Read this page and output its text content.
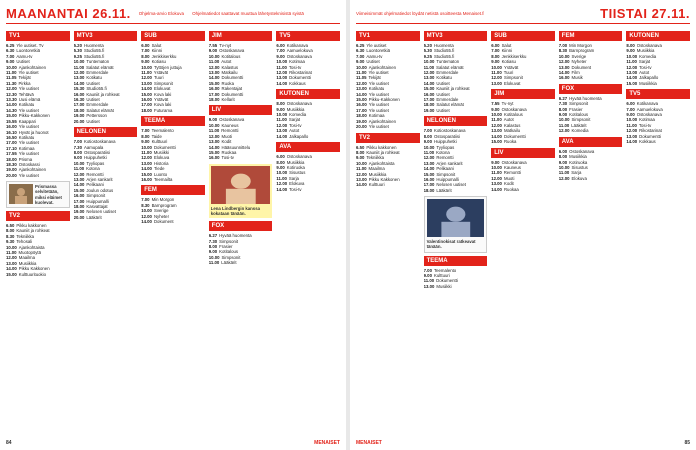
MAANANTAI 26.11. Ohjelma-arvio Elokuva Ohjelmatiedot saattavat muuttua lähetysteknisistä syistä
TV1
6.25 Yle uutiset. Tv
6.30 Luontoretkiä
7.00 Aamu-tv
9.00 Uutiset
10.00 Ajankohtainen
11.00 Yle uutiset
11.05 Tekijät
11.30 Pirkka
12.00 Yle uutiset
12.30 Tehtävä
13.30 Uusi elämä
14.00 Kotikatu
14.30 Yle uutiset
15.00 Pikku-Kakkonen
15.55 Kaappari
16.00 Yle uutiset
16.10 Hyvät ja huonot
16.50 Kotikatu
17.00 Yle uutiset
17.10 Kotimaa
17.55 Yle uutiset
18.00 Prisma
18.30 Ostoskassi
19.00 Ajankohtainen
20.00 Yle uutiset
Prismassa selvitetään, miksi eläimet kuolevat.
TV2
6.50 Pikku kakkonen
8.00 Kauniit ja rohkeat
8.30 Tekniikka
9.30 Tehosali
10.00 Ajankohtaista
11.00 Muotopöytä
12.00 Maailma
13.00 Musiikkia
14.00 Pikku Kakkonen
15.00 Kulttuurituokio
MTV3
5.20 Huomenta
5.30 Studio55.fi
9.25 Studio55.fi
10.00 Tuntematon
11.00 Salatut elämät
12.00 Emmerdale
13.00 Kotikatu
14.00 Uutiset
15.30 Studio55.fi
16.00 Kauniit ja rohkeat
16.30 Uutiset
17.00 Emmerdale
18.00 Salatut elämät
19.00 Pettersson
20.00 Uutiset
NELONEN
7.00 Kotiostoskanava
7.30 Aamupala
8.00 Ostosparatiisi
9.00 Huippuhetki
10.00 Tyyliopas
11.00 Kotona
12.00 Remontti
13.00 Arjen sankarit
14.00 Pelikaani
15.00 Joulun odotus
16.00 Simpsonit
17.00 Huippumalli
18.00 Kasvattajat
19.00 Nelosen uutiset
20.00 Lääkärit
SUB
6.00 Salut
7.00 Kiinni
8.00 Jenkkiserkku
9.00 Kotiasu
10.00 Tyttöjen juttuja
11.00 Ystävät
12.00 Tuuri
13.00 Simpsonit
14.00 Elokuvat
15.00 Kova laki
16.00 Ystävät
17.00 Kova laki
18.00 Futurama
TEEMA
7.00 Teemalento
8.00 Taide
9.00 Kulttuuri
10.00 Dokumentti
11.00 Musiikki
12.00 Elokuva
13.00 Historia
14.00 Tiede
15.00 Luonto
16.00 Teemailta
FEM
7.00 Min Morgon
8.30 Barnprogram
10.00 Sverige
12.00 Nyheter
14.00 Dokument
JIM
7.55 Tv-nyt
9.00 Ostoskanava
10.00 Kotitalous
11.00 Autot
12.00 Kalastus
13.00 Matkailu
14.00 Dokumentti
15.00 Ruoka
16.00 Rakentajat
17.00 Dokumentti
18.00 Kellarit
LIV
9.00 Ostoskanava
10.00 Kauneus
11.00 Remontti
12.00 Muoti
13.00 Kodit
14.00 Hääsuunnittelu
15.00 Ruokaa
16.00 Tosi-tv
Lena Lindbergin kanssa kokataan tänään.
FOX
6.27 Hyvää huomenta
7.30 Simpsonit
8.00 Frasier
9.00 Kotitalous
10.00 Simpsonit
11.00 Lääkärit
TV5
6.00 Kotikanava
7.00 Aamuelokuva
9.00 Ostoskanava
10.00 Kotimaa
11.00 Tosi-tv
12.00 Rikostarinat
13.00 Dokumentti
14.00 Kokkaus
KUTONEN
8.00 Ostoskanava
9.00 Musiikkia
10.00 Komedia
11.00 Sarjat
12.00 Tosi-tv
13.00 Autot
14.00 Jalkapallo
AVA
6.00 Ostoskanava
8.00 Musiikkia
9.00 Kotiruoka
10.00 Sisustus
11.00 Sarja
12.00 Elokuva
14.00 Tosi-tv
84	MENAISET
Viimeisimmät ohjelmatiedot löydät netistä osoitteesta Menaiset.fi	TIISTAI 27.11.
TV1
6.25 Yle uutiset
6.30 Luontoretkiä
7.00 Aamu-tv
9.00 Uutiset
10.00 Ajankohtainen
11.00 Yle uutiset
11.05 Tekijät
12.00 Yle uutiset
13.00 Kotikatu
14.00 Yle uutiset
15.00 Pikku-Kakkonen
16.00 Yle uutiset
17.00 Yle uutiset
18.00 Kotimaa
19.00 Ajankohtainen
20.00 Yle uutiset
TV2
6.50 Pikku kakkonen
8.00 Kauniit ja rohkeat
9.00 Tekniikka
10.00 Ajankohtaista
11.00 Maailma
12.00 Musiikkia
13.00 Pikku Kakkonen
14.00 Kulttuuri
MTV3
5.20 Huomenta
5.30 Studio55.fi
9.25 Studio55.fi
10.00 Tuntematon
11.00 Salatut elämät
12.00 Emmerdale
13.00 Kotikatu
14.00 Uutiset
15.00 Kauniit ja rohkeat
16.00 Uutiset
17.00 Emmerdale
18.00 Salatut elämät
19.00 Uutiset
NELONEN
7.00 Kotiostoskanava
8.00 Ostosparatiisi
9.00 Huippuhetki
10.00 Tyyliopas
11.00 Kotona
12.00 Remontti
13.00 Arjen sankarit
14.00 Pelikaani
15.00 Simpsonit
16.00 Huippumalli
17.00 Nelosen uutiset
18.00 Lääkärit
Valentinokisat ratkeavat tänään.
TEEMA
7.00 Teemalento
9.00 Kulttuuri
11.00 Dokumentti
13.00 Musiikki
SUB
6.00 Salut
7.00 Kiinni
8.00 Jenkkiserkku
9.00 Kotiasu
10.00 Ystävät
11.00 Tuuri
12.00 Simpsonit
13.00 Elokuvat
JIM
7.55 Tv-nyt
9.00 Ostoskanava
10.00 Kotitalous
11.00 Autot
12.00 Kalastus
13.00 Matkailu
14.00 Dokumentti
15.00 Ruoka
LIV
9.00 Ostoskanava
10.00 Kauneus
11.00 Remontti
12.00 Muoti
13.00 Kodit
14.00 Ruokaa
FEM
7.00 Min Morgon
8.30 Barnprogram
10.00 Sverige
12.00 Nyheter
13.00 Dokument
14.00 Film
16.00 Musik
FOX
6.27 Hyvää huomenta
7.30 Simpsonit
8.00 Frasier
9.00 Kotitalous
10.00 Simpsonit
11.00 Lääkärit
12.00 Komedia
AVA
6.00 Ostoskanava
8.00 Musiikkia
9.00 Kotiruoka
10.00 Sisustus
11.00 Sarja
12.00 Elokuva
KUTONEN
8.00 Ostoskanava
9.00 Musiikkia
10.00 Komedia
11.00 Sarjat
12.00 Tosi-tv
13.00 Autot
14.00 Jalkapallo
15.00 Musiikkia
TV5
6.00 Kotikanava
7.00 Aamuelokuva
9.00 Ostoskanava
10.00 Kotimaa
11.00 Tosi-tv
12.00 Rikostarinat
13.00 Dokumentti
14.00 Kokkaus
MENAISET	85
